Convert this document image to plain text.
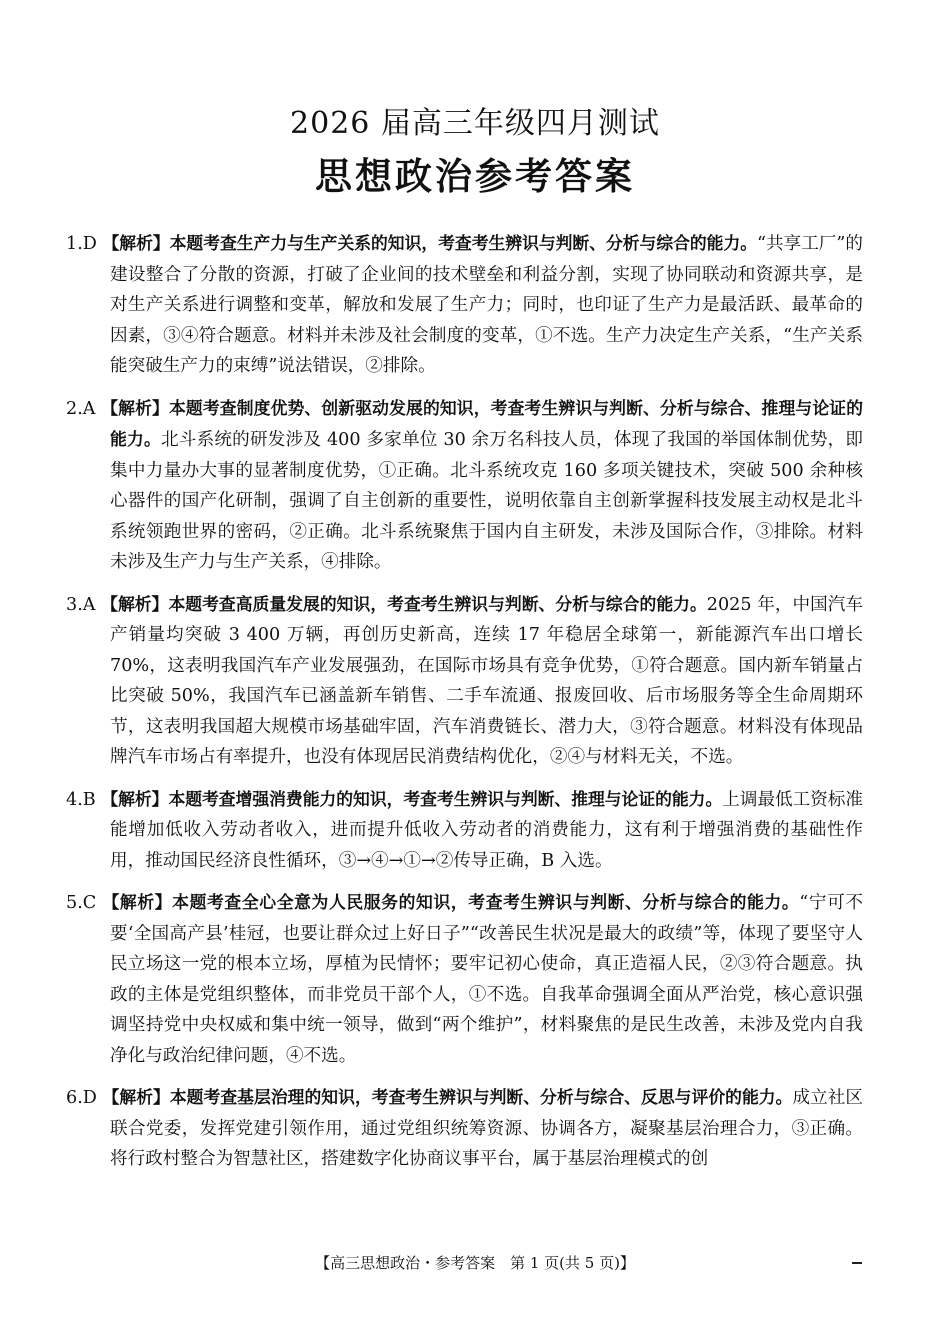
2026 届高三年级四月测试
思想政治参考答案

1.D 【解析】本题考查生产力与生产关系的知识，考查考生辨识与判断、分析与综合的能力。“共享工厂”的建设整合了分散的资源，打破了企业间的技术壁垒和利益分割，实现了协同联动和资源共享，是对生产关系进行调整和变革，解放和发展了生产力；同时，也印证了生产力是最活跃、最革命的因素，③④符合题意。材料并未涉及社会制度的变革，①不选。生产力决定生产关系，“生产关系能突破生产力的束缚”说法错误，②排除。

2.A 【解析】本题考查制度优势、创新驱动发展的知识，考查考生辨识与判断、分析与综合、推理与论证的能力。北斗系统的研发涉及 400 多家单位 30 余万名科技人员，体现了我国的举国体制优势，即集中力量办大事的显著制度优势，①正确。北斗系统攻克 160 多项关键技术，突破 500 余种核心器件的国产化研制，强调了自主创新的重要性，说明依靠自主创新掌握科技发展主动权是北斗系统领跑世界的密码，②正确。北斗系统聚焦于国内自主研发，未涉及国际合作，③排除。材料未涉及生产力与生产关系，④排除。

3.A 【解析】本题考查高质量发展的知识，考查考生辨识与判断、分析与综合的能力。2025 年，中国汽车产销量均突破 3 400 万辆，再创历史新高，连续 17 年稳居全球第一，新能源汽车出口增长 70%，这表明我国汽车产业发展强劲，在国际市场具有竞争优势，①符合题意。国内新车销量占比突破 50%，我国汽车已涵盖新车销售、二手车流通、报废回收、后市场服务等全生命周期环节，这表明我国超大规模市场基础牢固，汽车消费链长、潜力大，③符合题意。材料没有体现品牌汽车市场占有率提升，也没有体现居民消费结构优化，②④与材料无关，不选。

4.B 【解析】本题考查增强消费能力的知识，考查考生辨识与判断、推理与论证的能力。上调最低工资标准能增加低收入劳动者收入，进而提升低收入劳动者的消费能力，这有利于增强消费的基础性作用，推动国民经济良性循环，③→④→①→②传导正确，B 入选。

5.C 【解析】本题考查全心全意为人民服务的知识，考查考生辨识与判断、分析与综合的能力。“宁可不要‘全国高产县’桂冠，也要让群众过上好日子”“改善民生状况是最大的政绩”等，体现了要坚守人民立场这一党的根本立场，厚植为民情怀；要牢记初心使命，真正造福人民，②③符合题意。执政的主体是党组织整体，而非党员干部个人，①不选。自我革命强调全面从严治党，核心意识强调坚持党中央权威和集中统一领导，做到“两个维护”，材料聚焦的是民生改善，未涉及党内自我净化与政治纪律问题，④不选。

6.D 【解析】本题考查基层治理的知识，考查考生辨识与判断、分析与综合、反思与评价的能力。成立社区联合党委，发挥党建引领作用，通过党组织统筹资源、协调各方，凝聚基层治理合力，③正确。将行政村整合为智慧社区，搭建数字化协商议事平台，属于基层治理模式的创

【高三思想政治・参考答案　第 1 页(共 5 页)】
